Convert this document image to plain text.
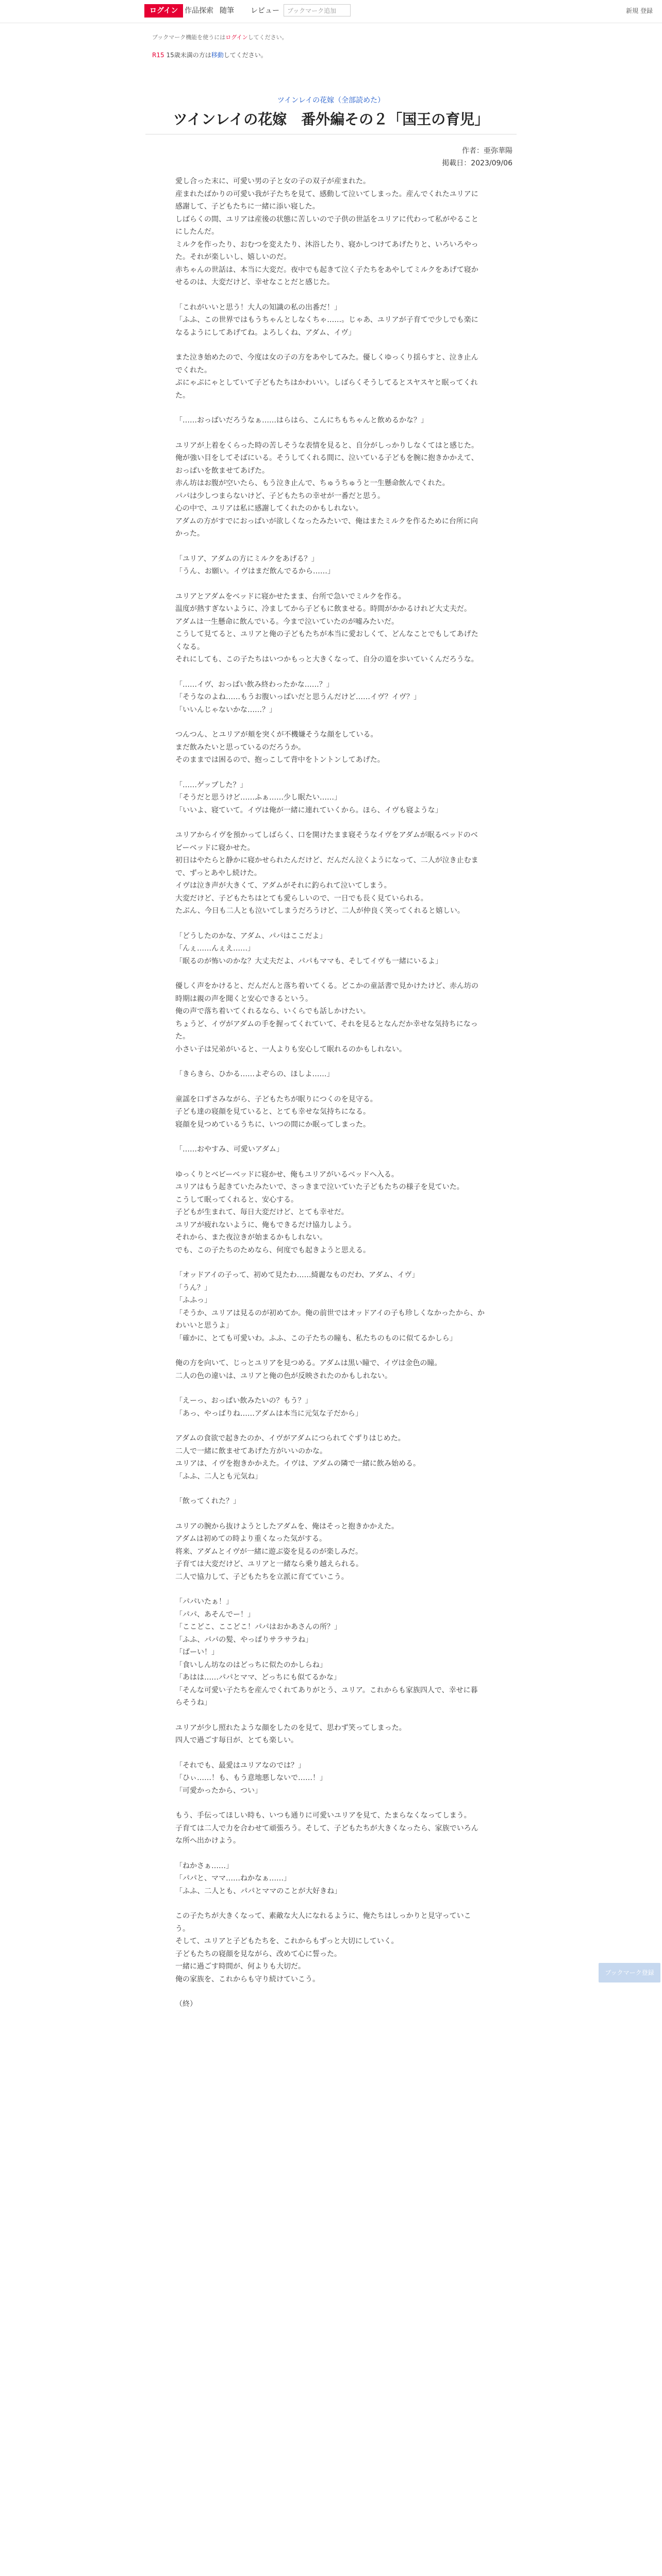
ログイン 作品探索 随筆 レビュー	ブックマーク追加	新規 登録
ブックマーク機能を使うにはログインしてください。
R15 15歳未満の方は移動してください。
ツインレイの花嫁（全部読めた）
ツインレイの花嫁　番外編その２「国王の育児」
作者：亜弥華陽
掲載日：2023/09/06

愛し合った末に、可愛い男の子と女の子の双子が産まれた。
産まれたばかりの可愛い我が子たちを見て、感動して泣いてしまった。産んでくれたユリアに感謝して、子どもたちに一緒に添い寝した。
しばらくの間、ユリアは産後の状態に苦しいので子供の世話をユリアに代わって私がやることにしたんだ。
ミルクを作ったり、おむつを変えたり、沐浴したり、寝かしつけてあげたりと、いろいろやった。それが楽しいし、嬉しいのだ。
赤ちゃんの世話は、本当に大変だ。夜中でも起きて泣く子たちをあやしてミルクをあげて寝かせるのは、大変だけど、幸せなことだと感じた。

「これがいいと思う！大人の知識の私の出番だ！」
「ふふ、この世界ではもうちゃんとしなくちゃ……。じゃあ、ユリアが子育てで少しでも楽になるようにしてあげてね。よろしくね、アダム、イヴ」

また泣き始めたので、今度は女の子の方をあやしてみた。優しくゆっくり揺らすと、泣き止んでくれた。
ぷにゃぷにゃとしていて子どもたちはかわいい。しばらくそうしてるとスヤスヤと眠ってくれた。

「……おっぱいだろうなぁ……はらはら、こんにちもちゃんと飲めるかな？」

ユリアが上着をくらった時の苦しそうな表情を見ると、自分がしっかりしなくてはと感じた。
俺が強い目をしてそばにいる。そうしてくれる間に、泣いている子どもを腕に抱きかかえて、おっぱいを飲ませてあげた。
赤ん坊はお腹が空いたら、もう泣き止んで、ちゅうちゅうと一生懸命飲んでくれた。
パパは少しつまらないけど、子どもたちの幸せが一番だと思う。
心の中で、ユリアは私に感謝してくれたのかもしれない。
アダムの方がすでにおっぱいが欲しくなったみたいで、俺はまたミルクを作るために台所に向かった。

「ユリア、アダムの方にミルクをあげる？」
「うん、お願い。イヴはまだ飲んでるから……」

ユリアとアダムをベッドに寝かせたまま、台所で急いでミルクを作る。
温度が熱すぎないように、冷ましてから子どもに飲ませる。時間がかかるけれど大丈夫だ。
アダムは一生懸命に飲んでいる。今まで泣いていたのが嘘みたいだ。
こうして見てると、ユリアと俺の子どもたちが本当に愛おしくて、どんなことでもしてあげたくなる。
それにしても、この子たちはいつかもっと大きくなって、自分の道を歩いていくんだろうな。

「……イヴ、おっぱい飲み終わったかな……？」
「そうなのよね……もうお腹いっぱいだと思うんだけど……イヴ？イヴ？」
「いいんじゃないかな……？」

つんつん、とユリアが頬を突くが不機嫌そうな顔をしている。
まだ飲みたいと思っているのだろうか。
そのままでは困るので、抱っこして背中をトントンしてあげた。

「……ゲップした？」
「そうだと思うけど……ふぁ……少し眠たい……」
「いいよ、寝ていて。イヴは俺が一緒に連れていくから。ほら、イヴも寝ような」

ユリアからイヴを預かってしばらく、口を開けたまま寝そうなイヴをアダムが眠るベッドのベビーベッドに寝かせた。
初日はやたらと静かに寝かせられたんだけど、だんだん泣くようになって、二人が泣き止むまで、ずっとあやし続けた。
イヴは泣き声が大きくて、アダムがそれに釣られて泣いてしまう。
大変だけど、子どもたちはとても愛らしいので、一日でも長く見ていられる。
たぶん、今日も二人とも泣いてしまうだろうけど、二人が仲良く笑ってくれると嬉しい。

「どうしたのかな、アダム、パパはここだよ」
「んぇ……んぇえ……」
「眠るのが怖いのかな？大丈夫だよ、パパもママも、そしてイヴも一緒にいるよ」

優しく声をかけると、だんだんと落ち着いてくる。どこかの童話書で見かけたけど、赤ん坊の時期は親の声を聞くと安心できるという。
俺の声で落ち着いてくれるなら、いくらでも話しかけたい。
ちょうど、イヴがアダムの手を握ってくれていて、それを見るとなんだか幸せな気持ちになった。
小さい子は兄弟がいると、一人よりも安心して眠れるのかもしれない。

「きらきら、ひかる……よぞらの、ほしよ……」

童謡を口ずさみながら、子どもたちが眠りにつくのを見守る。
子ども達の寝顔を見ていると、とても幸せな気持ちになる。
寝顔を見つめているうちに、いつの間にか眠ってしまった。

「……おやすみ、可愛いアダム」

ゆっくりとベビーベッドに寝かせ、俺もユリアがいるベッドへ入る。
ユリアはもう起きていたみたいで、さっきまで泣いていた子どもたちの様子を見ていた。
こうして眠ってくれると、安心する。
子どもが生まれて、毎日大変だけど、とても幸せだ。
ユリアが疲れないように、俺もできるだけ協力しよう。
それから、また夜泣きが始まるかもしれない。
でも、この子たちのためなら、何度でも起きようと思える。

「オッドアイの子って、初めて見たわ……綺麗なものだわ、アダム、イヴ」
「うん？」
「ふふっ」
「そうか、ユリアは見るのが初めてか。俺の前世ではオッドアイの子も珍しくなかったから、かわいいと思うよ」
「確かに、とても可愛いわ。ふふ、この子たちの瞳も、私たちのものに似てるかしら」

俺の方を向いて、じっとユリアを見つめる。アダムは黒い瞳で、イヴは金色の瞳。
二人の色の違いは、ユリアと俺の色が反映されたのかもしれない。

「えーっ、おっぱい飲みたいの？もう？」
「あっ、やっぱりね……アダムは本当に元気な子だから」

アダムの食欲で起きたのか、イヴがアダムにつられてぐずりはじめた。
二人で一緒に飲ませてあげた方がいいのかな。
ユリアは、イヴを抱きかかえた。イヴは、アダムの隣で一緒に飲み始める。
「ふふ、二人とも元気ね」

「飲ってくれた？」

ユリアの腕から抜けようとしたアダムを、俺はそっと抱きかかえた。
アダムは初めての時より重くなった気がする。
将来、アダムとイヴが一緒に遊ぶ姿を見るのが楽しみだ。
子育ては大変だけど、ユリアと一緒なら乗り越えられる。
二人で協力して、子どもたちを立派に育てていこう。

「パパいたぁ！」
「パパ、あそんでー！」
「ここどこ、ここどこ！パパはおかあさんの所？」
「ふふ、パパの髪、やっぱりサラサラね」
「ぱーい！」
「食いしん坊なのはどっちに似たのかしらね」
「あはは……パパとママ、どっちにも似てるかな」
「そんな可愛い子たちを産んでくれてありがとう、ユリア。これからも家族四人で、幸せに暮らそうね」

ユリアが少し照れたような顔をしたのを見て、思わず笑ってしまった。
四人で過ごす毎日が、とても楽しい。

「それでも、最愛はユリアなのでは？」
「ひぃ……！も、もう意地悪しないで……！」
「可愛かったから、つい」

もう、手伝ってほしい時も、いつも通りに可愛いユリアを見て、たまらなくなってしまう。
子育ては二人で力を合わせて頑張ろう。そして、子どもたちが大きくなったら、家族でいろんな所へ出かけよう。

「ねかさぁ……」
「パパと、ママ……ねかなぁ……」
「ふふ、二人とも、パパとママのことが大好きね」

この子たちが大きくなって、素敵な大人になれるように、俺たちはしっかりと見守っていこう。
そして、ユリアと子どもたちを、これからもずっと大切にしていく。
子どもたちの寝顔を見ながら、改めて心に誓った。
一緒に過ごす時間が、何よりも大切だ。
俺の家族を、これからも守り続けていこう。

（終）

ブックマーク登録
